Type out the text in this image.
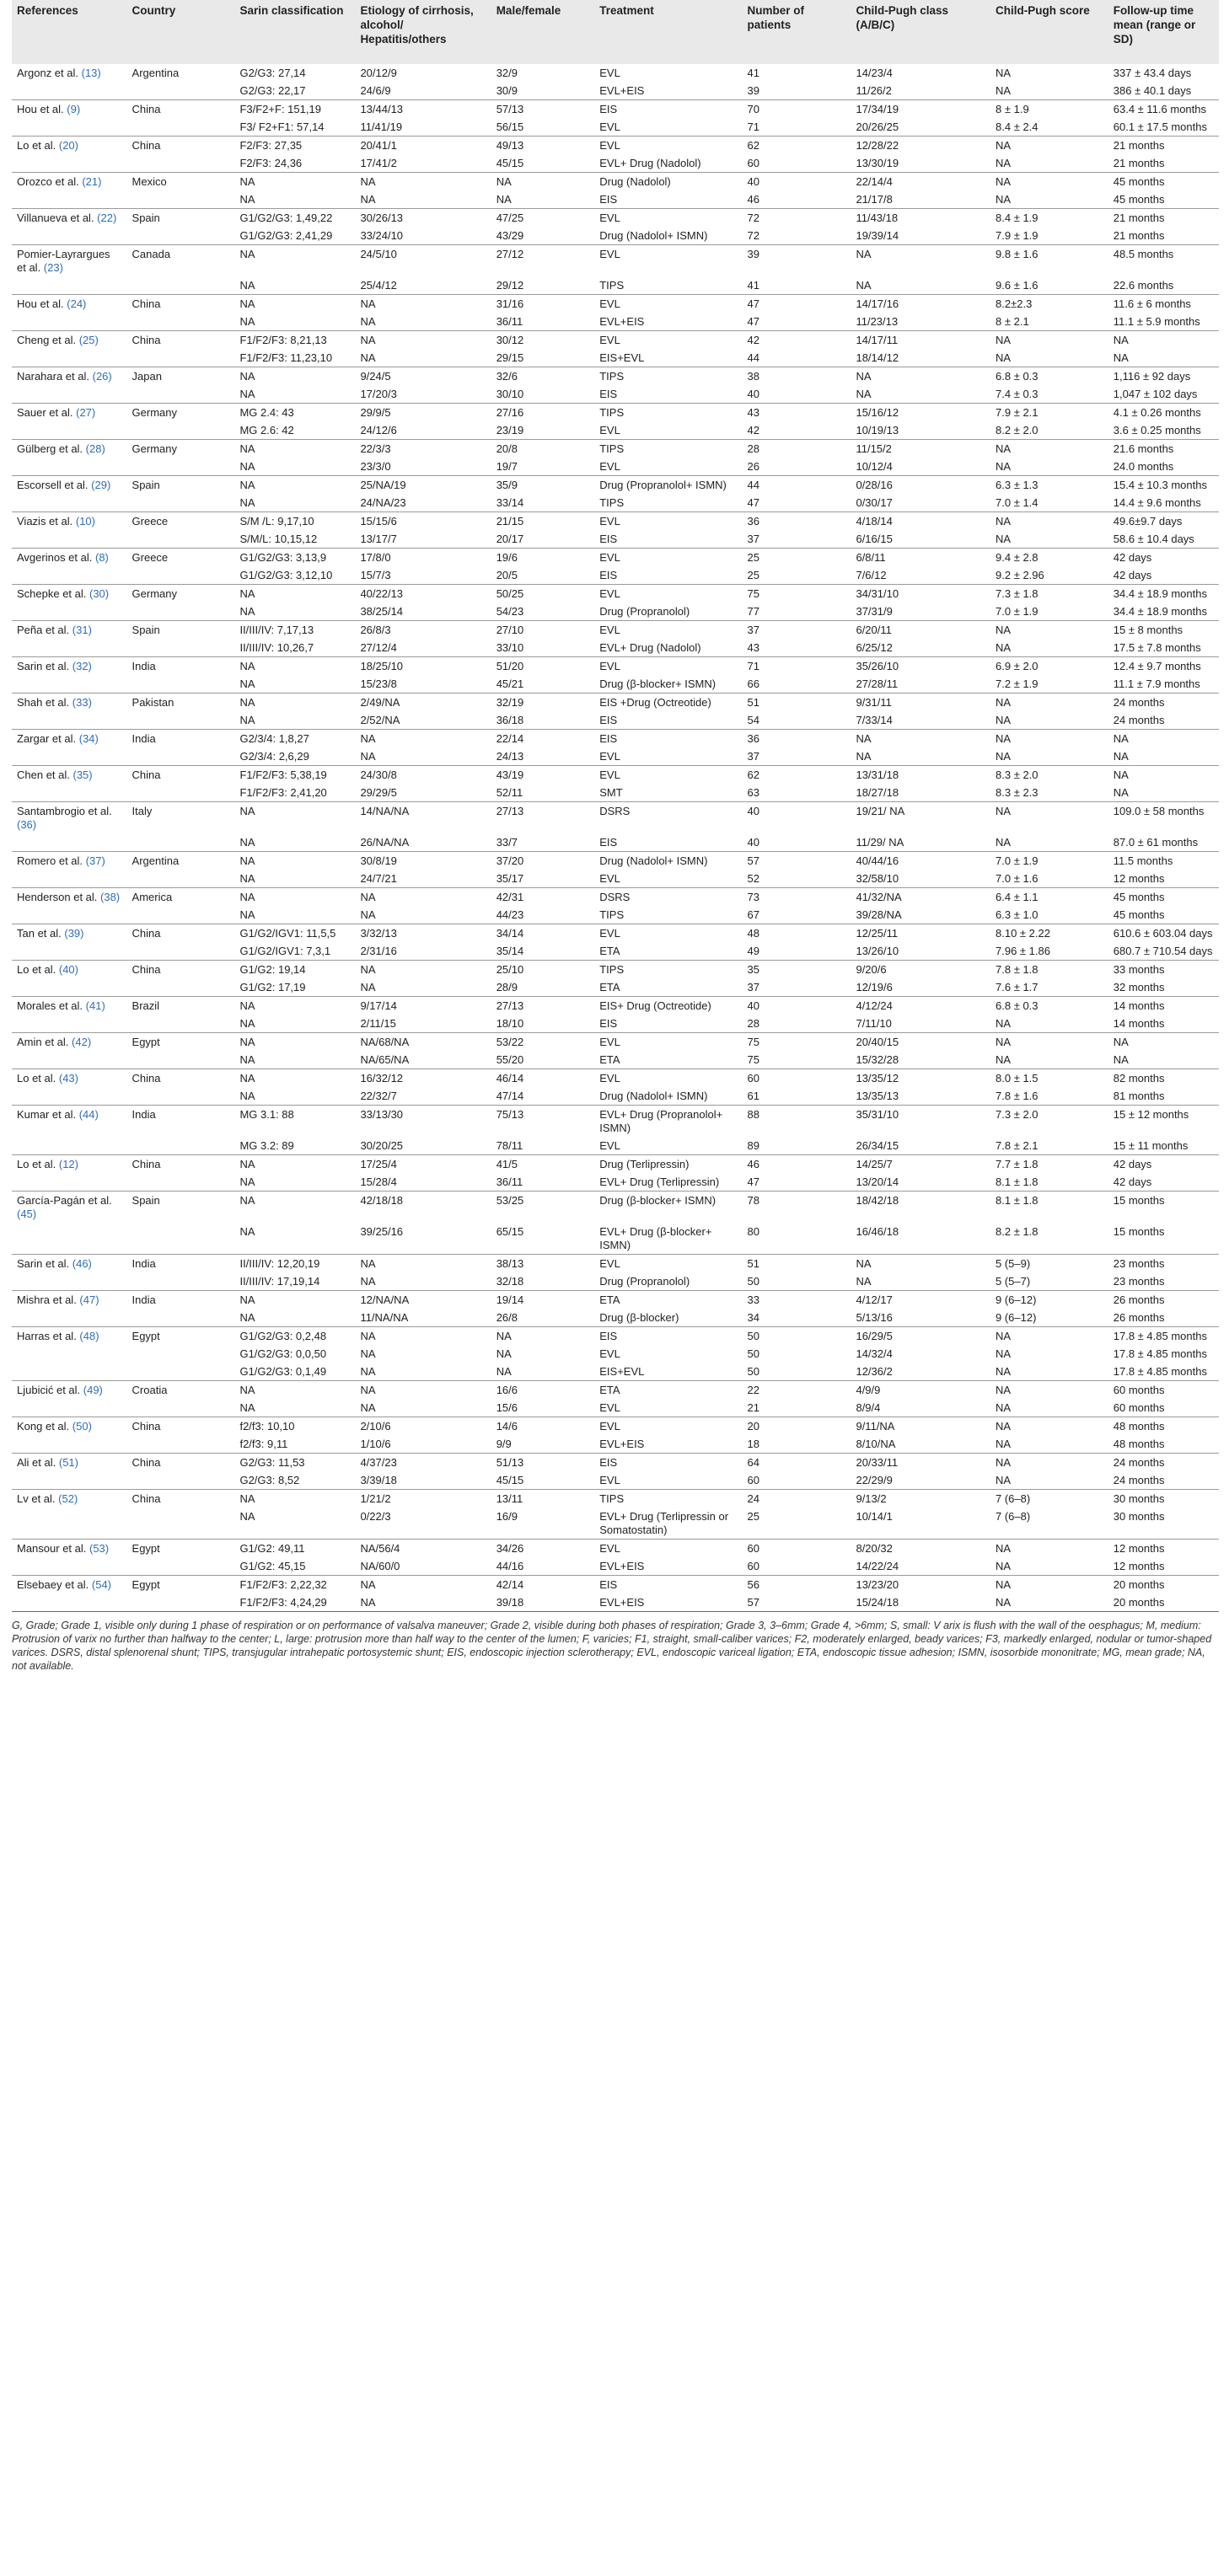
References	Country	Sarin classification	Etiology of cirrhosis, alcohol/ Hepatitis/others	Male/female	Treatment	Number of patients	Child-Pugh class (A/B/C)	Child-Pugh score	Follow-up time mean (range or SD)
Argonz et al. (13)	Argentina	G2/G3: 27,14	20/12/9	32/9	EVL	41	14/23/4	NA	337 ± 43.4 days
		G2/G3: 22,17	24/6/9	30/9	EVL+EIS	39	11/26/2	NA	386 ± 40.1 days
Hou et al. (9)	China	F3/F2+F: 151,19	13/44/13	57/13	EIS	70	17/34/19	8 ± 1.9	63.4 ± 11.6 months
		F3/ F2+F1: 57,14	11/41/19	56/15	EVL	71	20/26/25	8.4 ± 2.4	60.1 ± 17.5 months
Lo et al. (20)	China	F2/F3: 27,35	20/41/1	49/13	EVL	62	12/28/22	NA	21 months
		F2/F3: 24,36	17/41/2	45/15	EVL+ Drug (Nadolol)	60	13/30/19	NA	21 months
Orozco et al. (21)	Mexico	NA	NA	NA	Drug (Nadolol)	40	22/14/4	NA	45 months
		NA	NA	NA	EIS	46	21/17/8	NA	45 months
Villanueva et al. (22)	Spain	G1/G2/G3: 1,49,22	30/26/13	47/25	EVL	72	11/43/18	8.4 ± 1.9	21 months
		G1/G2/G3: 2,41,29	33/24/10	43/29	Drug (Nadolol+ ISMN)	72	19/39/14	7.9 ± 1.9	21 months
Pomier-Layrargues et al. (23)	Canada	NA	24/5/10	27/12	EVL	39	NA	9.8 ± 1.6	48.5 months
		NA	25/4/12	29/12	TIPS	41	NA	9.6 ± 1.6	22.6 months
Hou et al. (24)	China	NA	NA	31/16	EVL	47	14/17/16	8.2±2.3	11.6 ± 6 months
		NA	NA	36/11	EVL+EIS	47	11/23/13	8 ± 2.1	11.1 ± 5.9 months
Cheng et al. (25)	China	F1/F2/F3: 8,21,13	NA	30/12	EVL	42	14/17/11	NA	NA
		F1/F2/F3: 11,23,10	NA	29/15	EIS+EVL	44	18/14/12	NA	NA
Narahara et al. (26)	Japan	NA	9/24/5	32/6	TIPS	38	NA	6.8 ± 0.3	1,116 ± 92 days
		NA	17/20/3	30/10	EIS	40	NA	7.4 ± 0.3	1,047 ± 102 days
Sauer et al. (27)	Germany	MG 2.4: 43	29/9/5	27/16	TIPS	43	15/16/12	7.9 ± 2.1	4.1 ± 0.26 months
		MG 2.6: 42	24/12/6	23/19	EVL	42	10/19/13	8.2 ± 2.0	3.6 ± 0.25 months
Gülberg et al. (28)	Germany	NA	22/3/3	20/8	TIPS	28	11/15/2	NA	21.6 months
		NA	23/3/0	19/7	EVL	26	10/12/4	NA	24.0 months
Escorsell et al. (29)	Spain	NA	25/NA/19	35/9	Drug (Propranolol+ ISMN)	44	0/28/16	6.3 ± 1.3	15.4 ± 10.3 months
		NA	24/NA/23	33/14	TIPS	47	0/30/17	7.0 ± 1.4	14.4 ± 9.6 months
Viazis et al. (10)	Greece	S/M /L: 9,17,10	15/15/6	21/15	EVL	36	4/18/14	NA	49.6±9.7 days
		S/M/L: 10,15,12	13/17/7	20/17	EIS	37	6/16/15	NA	58.6 ± 10.4 days
Avgerinos et al. (8)	Greece	G1/G2/G3: 3,13,9	17/8/0	19/6	EVL	25	6/8/11	9.4 ± 2.8	42 days
		G1/G2/G3: 3,12,10	15/7/3	20/5	EIS	25	7/6/12	9.2 ± 2.96	42 days
Schepke et al. (30)	Germany	NA	40/22/13	50/25	EVL	75	34/31/10	7.3 ± 1.8	34.4 ± 18.9 months
		NA	38/25/14	54/23	Drug (Propranolol)	77	37/31/9	7.0 ± 1.9	34.4 ± 18.9 months
Peña et al. (31)	Spain	II/III/IV: 7,17,13	26/8/3	27/10	EVL	37	6/20/11	NA	15 ± 8 months
		II/III/IV: 10,26,7	27/12/4	33/10	EVL+ Drug (Nadolol)	43	6/25/12	NA	17.5 ± 7.8 months
Sarin et al. (32)	India	NA	18/25/10	51/20	EVL	71	35/26/10	6.9 ± 2.0	12.4 ± 9.7 months
		NA	15/23/8	45/21	Drug (β-blocker+ ISMN)	66	27/28/11	7.2 ± 1.9	11.1 ± 7.9 months
Shah et al. (33)	Pakistan	NA	2/49/NA	32/19	EIS +Drug (Octreotide)	51	9/31/11	NA	24 months
		NA	2/52/NA	36/18	EIS	54	7/33/14	NA	24 months
Zargar et al. (34)	India	G2/3/4: 1,8,27	NA	22/14	EIS	36	NA	NA	NA
		G2/3/4: 2,6,29	NA	24/13	EVL	37	NA	NA	NA
Chen et al. (35)	China	F1/F2/F3: 5,38,19	24/30/8	43/19	EVL	62	13/31/18	8.3 ± 2.0	NA
		F1/F2/F3: 2,41,20	29/29/5	52/11	SMT	63	18/27/18	8.3 ± 2.3	NA
Santambrogio et al. (36)	Italy	NA	14/NA/NA	27/13	DSRS	40	19/21/ NA	NA	109.0 ± 58 months
		NA	26/NA/NA	33/7	EIS	40	11/29/ NA	NA	87.0 ± 61 months
Romero et al. (37)	Argentina	NA	30/8/19	37/20	Drug (Nadolol+ ISMN)	57	40/44/16	7.0 ± 1.9	11.5 months
		NA	24/7/21	35/17	EVL	52	32/58/10	7.0 ± 1.6	12 months
Henderson et al. (38)	America	NA	NA	42/31	DSRS	73	41/32/NA	6.4 ± 1.1	45 months
		NA	NA	44/23	TIPS	67	39/28/NA	6.3 ± 1.0	45 months
Tan et al. (39)	China	G1/G2/IGV1: 11,5,5	3/32/13	34/14	EVL	48	12/25/11	8.10 ± 2.22	610.6 ± 603.04 days
		G1/G2/IGV1: 7,3,1	2/31/16	35/14	ETA	49	13/26/10	7.96 ± 1.86	680.7 ± 710.54 days
Lo et al. (40)	China	G1/G2: 19,14	NA	25/10	TIPS	35	9/20/6	7.8 ± 1.8	33 months
		G1/G2: 17,19	NA	28/9	ETA	37	12/19/6	7.6 ± 1.7	32 months
Morales et al. (41)	Brazil	NA	9/17/14	27/13	EIS+ Drug (Octreotide)	40	4/12/24	6.8 ± 0.3	14 months
		NA	2/11/15	18/10	EIS	28	7/11/10	NA	14 months
Amin et al. (42)	Egypt	NA	NA/68/NA	53/22	EVL	75	20/40/15	NA	NA
		NA	NA/65/NA	55/20	ETA	75	15/32/28	NA	NA
Lo et al. (43)	China	NA	16/32/12	46/14	EVL	60	13/35/12	8.0 ± 1.5	82 months
		NA	22/32/7	47/14	Drug (Nadolol+ ISMN)	61	13/35/13	7.8 ± 1.6	81 months
Kumar et al. (44)	India	MG 3.1: 88	33/13/30	75/13	EVL+ Drug (Propranolol+ ISMN)	88	35/31/10	7.3 ± 2.0	15 ± 12 months
		MG 3.2: 89	30/20/25	78/11	EVL	89	26/34/15	7.8 ± 2.1	15 ± 11 months
Lo et al. (12)	China	NA	17/25/4	41/5	Drug (Terlipressin)	46	14/25/7	7.7 ± 1.8	42 days
		NA	15/28/4	36/11	EVL+ Drug (Terlipressin)	47	13/20/14	8.1 ± 1.8	42 days
García-Pagán et al. (45)	Spain	NA	42/18/18	53/25	Drug (β-blocker+ ISMN)	78	18/42/18	8.1 ± 1.8	15 months
		NA	39/25/16	65/15	EVL+ Drug (β-blocker+ ISMN)	80	16/46/18	8.2 ± 1.8	15 months
Sarin et al. (46)	India	II/III/IV: 12,20,19	NA	38/13	EVL	51	NA	5 (5–9)	23 months
		II/III/IV: 17,19,14	NA	32/18	Drug (Propranolol)	50	NA	5 (5–7)	23 months
Mishra et al. (47)	India	NA	12/NA/NA	19/14	ETA	33	4/12/17	9 (6–12)	26 months
		NA	11/NA/NA	26/8	Drug (β-blocker)	34	5/13/16	9 (6–12)	26 months
Harras et al. (48)	Egypt	G1/G2/G3: 0,2,48	NA	NA	EIS	50	16/29/5	NA	17.8 ± 4.85 months
		G1/G2/G3: 0,0,50	NA	NA	EVL	50	14/32/4	NA	17.8 ± 4.85 months
		G1/G2/G3: 0,1,49	NA	NA	EIS+EVL	50	12/36/2	NA	17.8 ± 4.85 months
Ljubicić et al. (49)	Croatia	NA	NA	16/6	ETA	22	4/9/9	NA	60 months
		NA	NA	15/6	EVL	21	8/9/4	NA	60 months
Kong et al. (50)	China	f2/f3: 10,10	2/10/6	14/6	EVL	20	9/11/NA	NA	48 months
		f2/f3: 9,11	1/10/6	9/9	EVL+EIS	18	8/10/NA	NA	48 months
Ali et al. (51)	China	G2/G3: 11,53	4/37/23	51/13	EIS	64	20/33/11	NA	24 months
		G2/G3: 8,52	3/39/18	45/15	EVL	60	22/29/9	NA	24 months
Lv et al. (52)	China	NA	1/21/2	13/11	TIPS	24	9/13/2	7 (6–8)	30 months
		NA	0/22/3	16/9	EVL+ Drug (Terlipressin or Somatostatin)	25	10/14/1	7 (6–8)	30 months
Mansour et al. (53)	Egypt	G1/G2: 49,11	NA/56/4	34/26	EVL	60	8/20/32	NA	12 months
		G1/G2: 45,15	NA/60/0	44/16	EVL+EIS	60	14/22/24	NA	12 months
Elsebaey et al. (54)	Egypt	F1/F2/F3: 2,22,32	NA	42/14	EIS	56	13/23/20	NA	20 months
		F1/F2/F3: 4,24,29	NA	39/18	EVL+EIS	57	15/24/18	NA	20 months
G, Grade; Grade 1, visible only during 1 phase of respiration or on performance of valsalva maneuver; Grade 2, visible during both phases of respiration; Grade 3, 3–6mm; Grade 4, >6mm; S, small: V arix is flush with the wall of the oesphagus; M, medium: Protrusion of varix no further than halfway to the center; L, large: protrusion more than half way to the center of the lumen; F, varicies; F1, straight, small-caliber varices; F2, moderately enlarged, beady varices; F3, markedly enlarged, nodular or tumor-shaped varices. DSRS, distal splenorenal shunt; TIPS, transjugular intrahepatic portosystemic shunt; EIS, endoscopic injection sclerotherapy; EVL, endoscopic variceal ligation; ETA, endoscopic tissue adhesion; ISMN, isosorbide mononitrate; MG, mean grade; NA, not available.
